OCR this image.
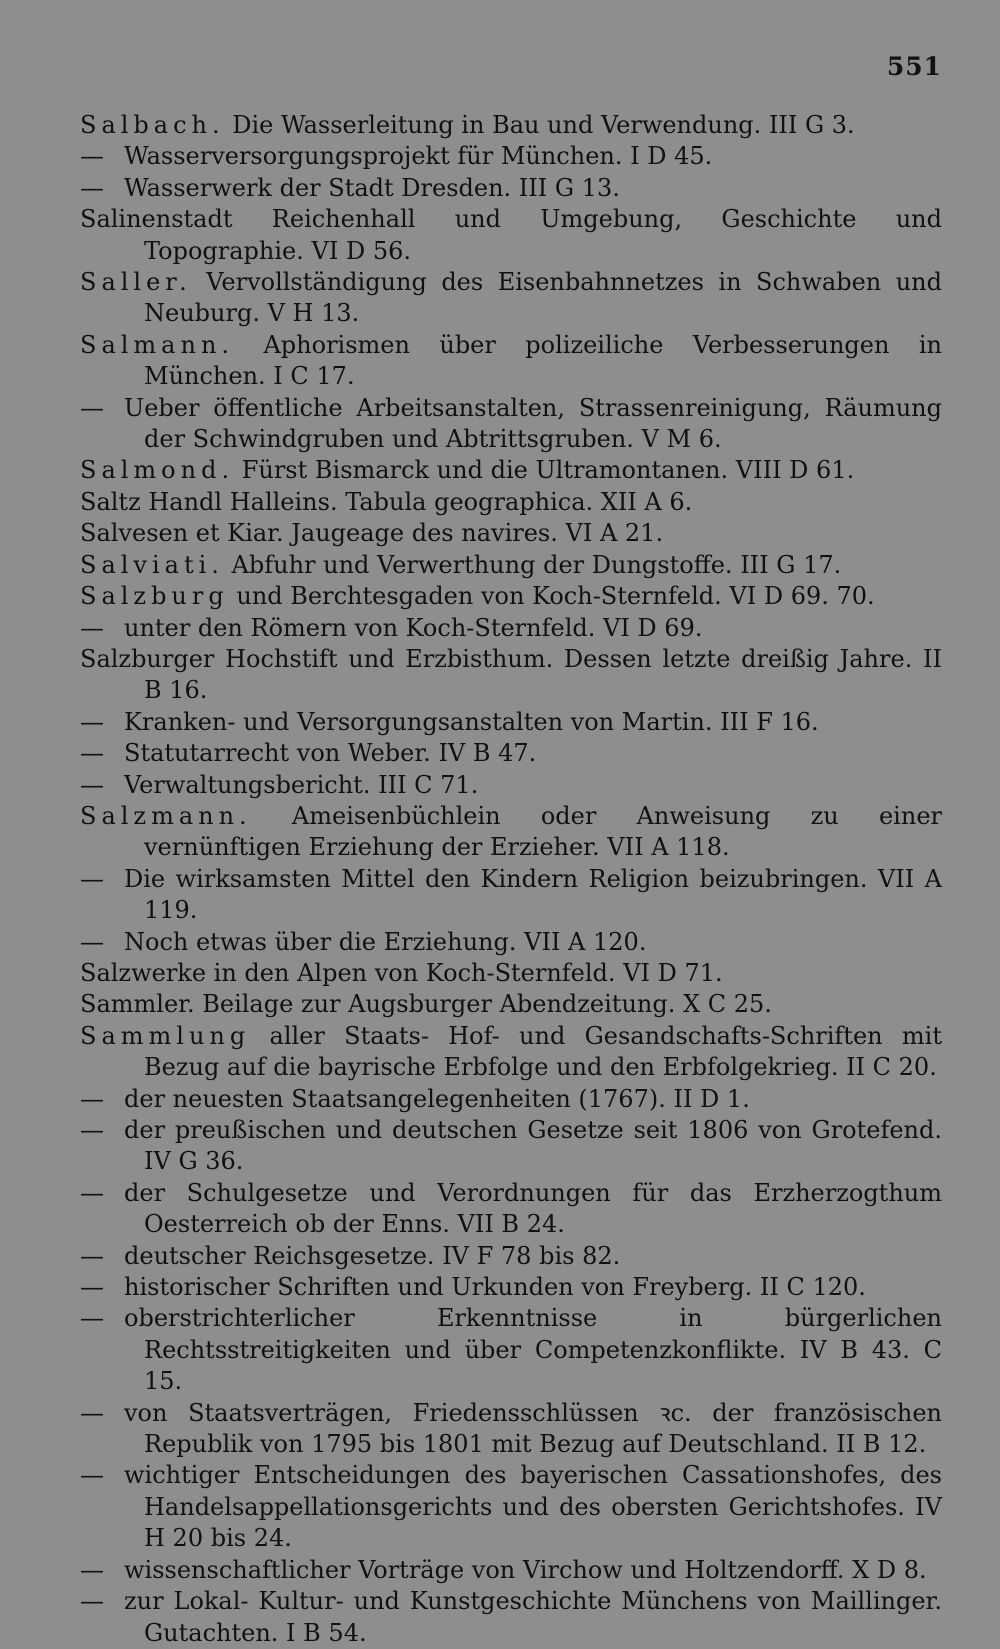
551
Salbach. Die Wasserleitung in Bau und Verwendung. III G 3.
— Wasserversorgungsprojekt für München. I D 45.
— Wasserwerk der Stadt Dresden. III G 13.
Salinenstadt Reichenhall und Umgebung, Geschichte und Topographie. VI D 56.
Saller. Vervollständigung des Eisenbahnnetzes in Schwaben und Neuburg. V H 13.
Salmann. Aphorismen über polizeiliche Verbesserungen in München. I C 17.
— Ueber öffentliche Arbeitsanstalten, Strassenreinigung, Räumung der Schwindgruben und Abtrittsgruben. V M 6.
Salmond. Fürst Bismarck und die Ultramontanen. VIII D 61.
Saltz Handl Halleins. Tabula geographica. XII A 6.
Salvesen et Kiar. Jaugeage des navires. VI A 21.
Salviati. Abfuhr und Verwerthung der Dungstoffe. III G 17.
Salzburg und Berchtesgaden von Koch-Sternfeld. VI D 69. 70.
— unter den Römern von Koch-Sternfeld. VI D 69.
Salzburger Hochstift und Erzbisthum. Dessen letzte dreißig Jahre. II B 16.
— Kranken- und Versorgungsanstalten von Martin. III F 16.
— Statutarrecht von Weber. IV B 47.
— Verwaltungsbericht. III C 71.
Salzmann. Ameisenbüchlein oder Anweisung zu einer vernünftigen Erziehung der Erzieher. VII A 118.
— Die wirksamsten Mittel den Kindern Religion beizubringen. VII A 119.
— Noch etwas über die Erziehung. VII A 120.
Salzwerke in den Alpen von Koch-Sternfeld. VI D 71.
Sammler. Beilage zur Augsburger Abendzeitung. X C 25.
Sammlung aller Staats- Hof- und Gesandschafts-Schriften mit Bezug auf die bayrische Erbfolge und den Erbfolgekrieg. II C 20.
— der neuesten Staatsangelegenheiten (1767). II D 1.
— der preußischen und deutschen Gesetze seit 1806 von Grotefend. IV G 36.
— der Schulgesetze und Verordnungen für das Erzherzogthum Oesterreich ob der Enns. VII B 24.
— deutscher Reichsgesetze. IV F 78 bis 82.
— historischer Schriften und Urkunden von Freyberg. II C 120.
— oberstrichterlicher Erkenntnisse in bürgerlichen Rechtsstreitigkeiten und über Competenzkonflikte. IV B 43. C 15.
— von Staatsverträgen, Friedensschlüssen ꝛc. der französischen Republik von 1795 bis 1801 mit Bezug auf Deutschland. II B 12.
— wichtiger Entscheidungen des bayerischen Cassationshofes, des Handelsappellationsgerichts und des obersten Gerichtshofes. IV H 20 bis 24.
— wissenschaftlicher Vorträge von Virchow und Holtzendorff. X D 8.
— zur Lokal- Kultur- und Kunstgeschichte Münchens von Maillinger. Gutachten. I B 54.
